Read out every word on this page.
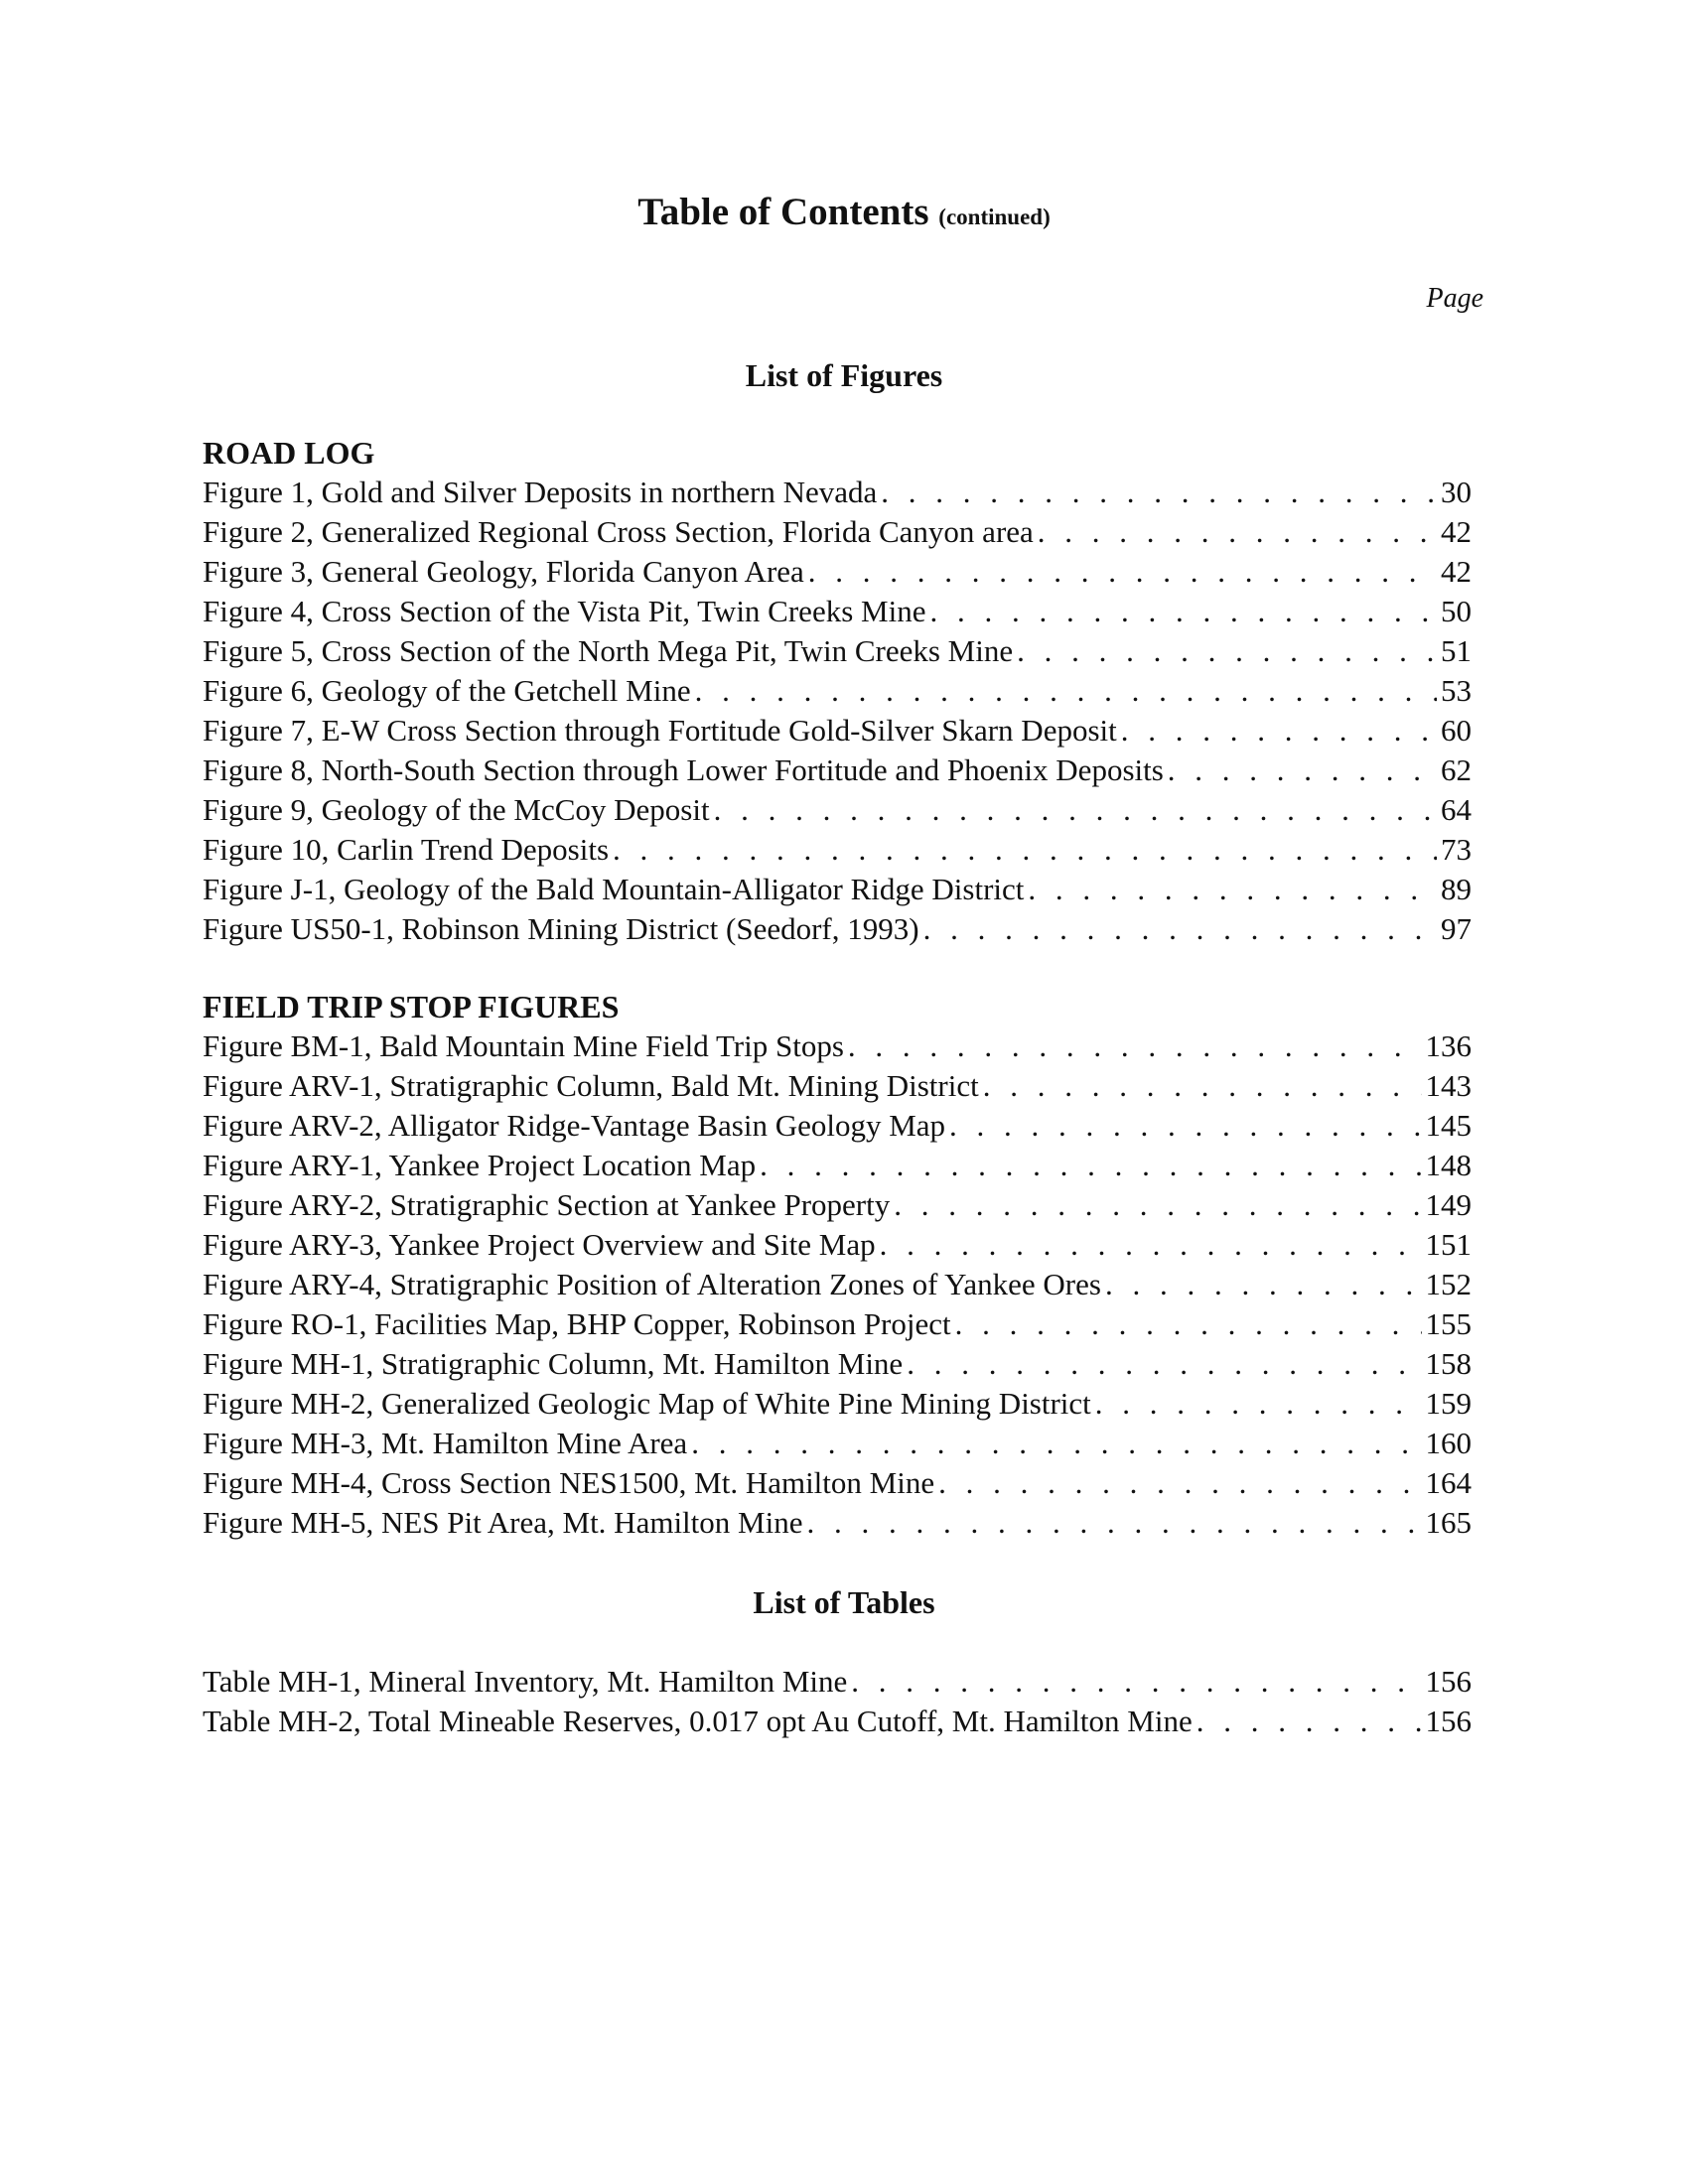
Table of Contents (continued)
Page
List of Figures
ROAD LOG
Figure 1, Gold and Silver Deposits in northern Nevada . . .	30
Figure 2, Generalized Regional Cross Section, Florida Canyon area . . .	42
Figure 3, General Geology, Florida Canyon Area . . .	42
Figure 4, Cross Section of the Vista Pit, Twin Creeks Mine . . .	50
Figure 5, Cross Section of the North Mega Pit, Twin Creeks Mine . . .	51
Figure 6, Geology of the Getchell Mine . . .	53
Figure 7, E-W Cross Section through Fortitude Gold-Silver Skarn Deposit . . .	60
Figure 8, North-South Section through Lower Fortitude and Phoenix Deposits . . .	62
Figure 9, Geology of the McCoy Deposit . . .	64
Figure 10, Carlin Trend Deposits . . .	73
Figure J-1, Geology of the Bald Mountain-Alligator Ridge District . . .	89
Figure US50-1, Robinson Mining District (Seedorf, 1993) . . .	97
FIELD TRIP STOP FIGURES
Figure BM-1, Bald Mountain Mine Field Trip Stops . . .	136
Figure ARV-1, Stratigraphic Column, Bald Mt. Mining District . . .	143
Figure ARV-2, Alligator Ridge-Vantage Basin Geology Map . . .	145
Figure ARY-1, Yankee Project Location Map . . .	148
Figure ARY-2, Stratigraphic Section at Yankee Property . . .	149
Figure ARY-3, Yankee Project Overview and Site Map . . .	151
Figure ARY-4, Stratigraphic Position of Alteration Zones of Yankee Ores . . .	152
Figure RO-1, Facilities Map, BHP Copper, Robinson Project . . .	155
Figure MH-1, Stratigraphic Column, Mt. Hamilton Mine . . .	158
Figure MH-2, Generalized Geologic Map of White Pine Mining District . . .	159
Figure MH-3, Mt. Hamilton Mine Area . . .	160
Figure MH-4, Cross Section NES1500, Mt. Hamilton Mine . . .	164
Figure MH-5, NES Pit Area, Mt. Hamilton Mine . . .	165
List of Tables
Table MH-1, Mineral Inventory, Mt. Hamilton Mine . . .	156
Table MH-2, Total Mineable Reserves, 0.017 opt Au Cutoff, Mt. Hamilton Mine . . .	156
